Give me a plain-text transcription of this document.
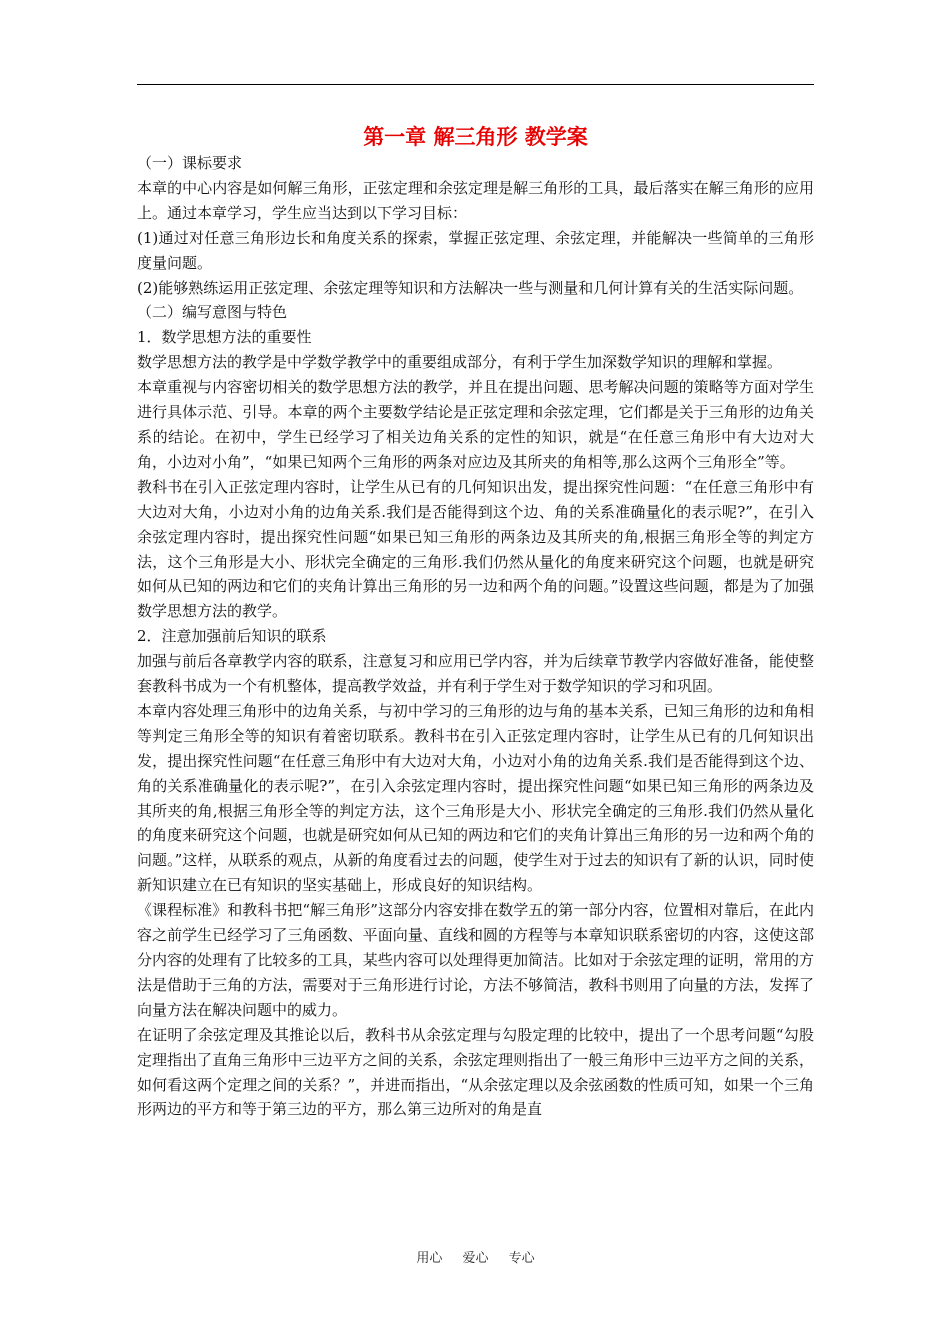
第一章 解三角形 教学案

（一）课标要求

本章的中心内容是如何解三角形，正弦定理和余弦定理是解三角形的工具，最后落实在解三角形的应用上。通过本章学习，学生应当达到以下学习目标：

(1)通过对任意三角形边长和角度关系的探索，掌握正弦定理、余弦定理，并能解决一些简单的三角形度量问题。

(2)能够熟练运用正弦定理、余弦定理等知识和方法解决一些与测量和几何计算有关的生活实际问题。

（二）编写意图与特色

1．数学思想方法的重要性

数学思想方法的教学是中学数学教学中的重要组成部分，有利于学生加深数学知识的理解和掌握。

本章重视与内容密切相关的数学思想方法的教学，并且在提出问题、思考解决问题的策略等方面对学生进行具体示范、引导。本章的两个主要数学结论是正弦定理和余弦定理，它们都是关于三角形的边角关系的结论。在初中，学生已经学习了相关边角关系的定性的知识，就是“在任意三角形中有大边对大角，小边对小角”，“如果已知两个三角形的两条对应边及其所夹的角相等,那么这两个三角形全”等。

教科书在引入正弦定理内容时，让学生从已有的几何知识出发，提出探究性问题：“在任意三角形中有大边对大角，小边对小角的边角关系.我们是否能得到这个边、角的关系准确量化的表示呢?”，在引入余弦定理内容时，提出探究性问题“如果已知三角形的两条边及其所夹的角,根据三角形全等的判定方法，这个三角形是大小、形状完全确定的三角形.我们仍然从量化的角度来研究这个问题，也就是研究如何从已知的两边和它们的夹角计算出三角形的另一边和两个角的问题。”设置这些问题，都是为了加强数学思想方法的教学。

2．注意加强前后知识的联系

加强与前后各章教学内容的联系，注意复习和应用已学内容，并为后续章节教学内容做好准备，能使整套教科书成为一个有机整体，提高教学效益，并有利于学生对于数学知识的学习和巩固。

本章内容处理三角形中的边角关系，与初中学习的三角形的边与角的基本关系，已知三角形的边和角相等判定三角形全等的知识有着密切联系。教科书在引入正弦定理内容时，让学生从已有的几何知识出发，提出探究性问题“在任意三角形中有大边对大角，小边对小角的边角关系.我们是否能得到这个边、角的关系准确量化的表示呢?”，在引入余弦定理内容时，提出探究性问题“如果已知三角形的两条边及其所夹的角,根据三角形全等的判定方法，这个三角形是大小、形状完全确定的三角形.我们仍然从量化的角度来研究这个问题，也就是研究如何从已知的两边和它们的夹角计算出三角形的另一边和两个角的问题。”这样，从联系的观点，从新的角度看过去的问题，使学生对于过去的知识有了新的认识，同时使新知识建立在已有知识的坚实基础上，形成良好的知识结构。

《课程标准》和教科书把“解三角形”这部分内容安排在数学五的第一部分内容，位置相对靠后，在此内容之前学生已经学习了三角函数、平面向量、直线和圆的方程等与本章知识联系密切的内容，这使这部分内容的处理有了比较多的工具，某些内容可以处理得更加简洁。比如对于余弦定理的证明，常用的方法是借助于三角的方法，需要对于三角形进行讨论，方法不够简洁，教科书则用了向量的方法，发挥了向量方法在解决问题中的威力。

在证明了余弦定理及其推论以后，教科书从余弦定理与勾股定理的比较中，提出了一个思考问题“勾股定理指出了直角三角形中三边平方之间的关系，余弦定理则指出了一般三角形中三边平方之间的关系，如何看这两个定理之间的关系？”，并进而指出，“从余弦定理以及余弦函数的性质可知，如果一个三角形两边的平方和等于第三边的平方，那么第三边所对的角是直

用心 爱心 专心
